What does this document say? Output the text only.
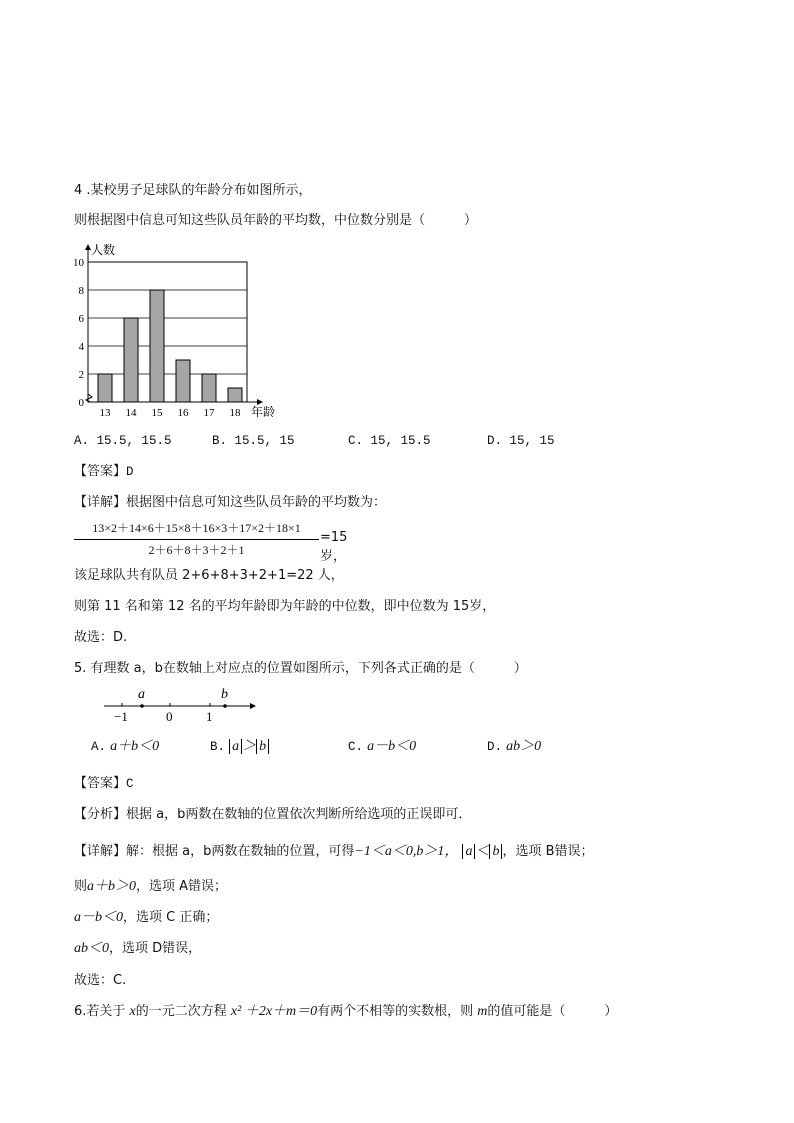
4 .某校男子足球队的年龄分布如图所示，
则根据图中信息可知这些队员年龄的平均数，中位数分别是（　　　）
0
2
4
6
8
10
人数
13 14 15 16 17 18 年龄
A. 15.5, 15.5	B. 15.5, 15	C. 15, 15.5	D. 15, 15
【答案】D
【详解】根据图中信息可知这些队员年龄的平均数为：
13×2＋14×6＋15×8＋16×3＋17×2＋18×1
2＋6＋8＋3＋2＋1
=15岁，
该足球队共有队员 2+6+8+3+2+1=22 人，
则第 11 名和第 12 名的平均年龄即为年龄的中位数，即中位数为 15岁，
故选：D.
5. 有理数 a，b在数轴上对应点的位置如图所示，下列各式正确的是（　　　）
a	b
−1	0	1
A. a＋b＜0	B. a ＞ b	C. a－b＜0	D. ab＞0
【答案】C
【分析】根据 a，b两数在数轴的位置依次判断所给选项的正误即可．
【详解】解：根据 a，b两数在数轴的位置，可得−1＜a＜0,b＞1， a ＜ b ，选项 B错误；
则a＋b＞0，选项 A错误；
a－b＜0，选项 C 正确；
ab＜0，选项 D错误，
故选：C.
6.若关于 x的一元二次方程 x² ＋2x＋m＝0有两个不相等的实数根，则 m的值可能是（　　　）
